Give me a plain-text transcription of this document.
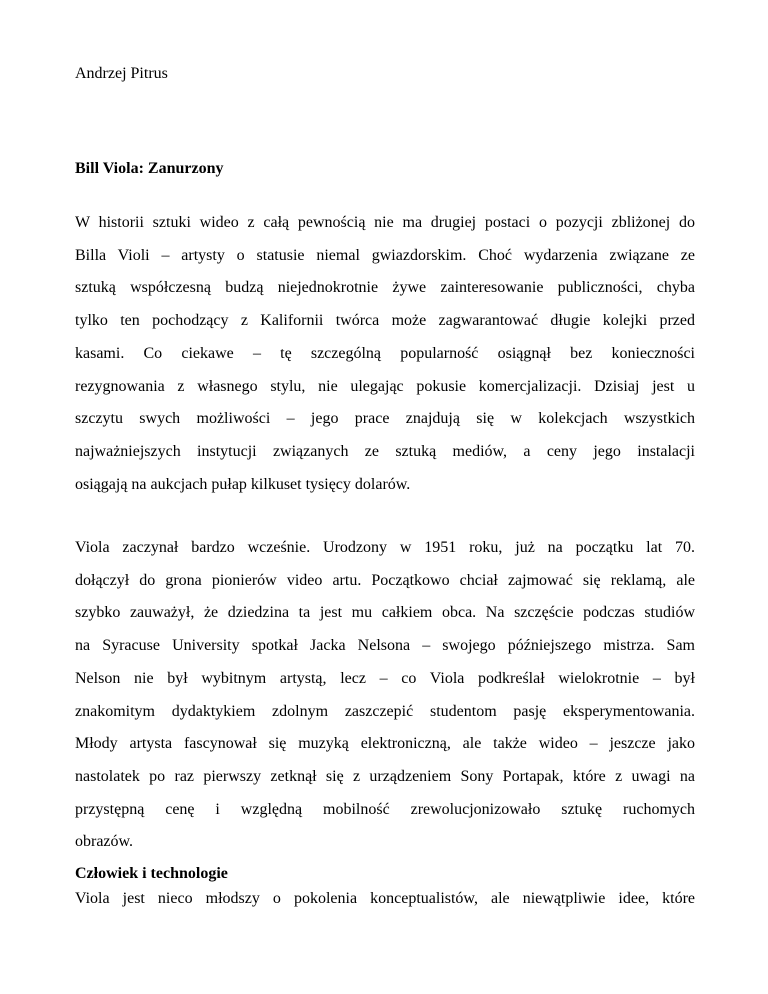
Andrzej Pitrus

Bill Viola: Zanurzony

W historii sztuki wideo z całą pewnością nie ma drugiej postaci o pozycji zbliżonej do
Billa Violi – artysty o statusie niemal gwiazdorskim. Choć wydarzenia związane ze
sztuką współczesną budzą niejednokrotnie żywe zainteresowanie publiczności, chyba
tylko ten pochodzący z Kalifornii twórca może zagwarantować długie kolejki przed
kasami. Co ciekawe – tę szczególną popularność osiągnął bez konieczności
rezygnowania z własnego stylu, nie ulegając pokusie komercjalizacji. Dzisiaj jest u
szczytu swych możliwości – jego prace znajdują się w kolekcjach wszystkich
najważniejszych instytucji związanych ze sztuką mediów, a ceny jego instalacji
osiągają na aukcjach pułap kilkuset tysięcy dolarów.
Viola zaczynał bardzo wcześnie. Urodzony w 1951 roku, już na początku lat 70.
dołączył do grona pionierów video artu. Początkowo chciał zajmować się reklamą, ale
szybko zauważył, że dziedzina ta jest mu całkiem obca. Na szczęście podczas studiów
na Syracuse University spotkał Jacka Nelsona – swojego późniejszego mistrza. Sam
Nelson nie był wybitnym artystą, lecz – co Viola podkreślał wielokrotnie – był
znakomitym dydaktykiem zdolnym zaszczepić studentom pasję eksperymentowania.
Młody artysta fascynował się muzyką elektroniczną, ale także wideo – jeszcze jako
nastolatek po raz pierwszy zetknął się z urządzeniem Sony Portapak, które z uwagi na
przystępną cenę i względną mobilność zrewolucjonizowało sztukę ruchomych
obrazów.

Człowiek i technologie

Viola jest nieco młodszy o pokolenia konceptualistów, ale niewątpliwie idee, które
